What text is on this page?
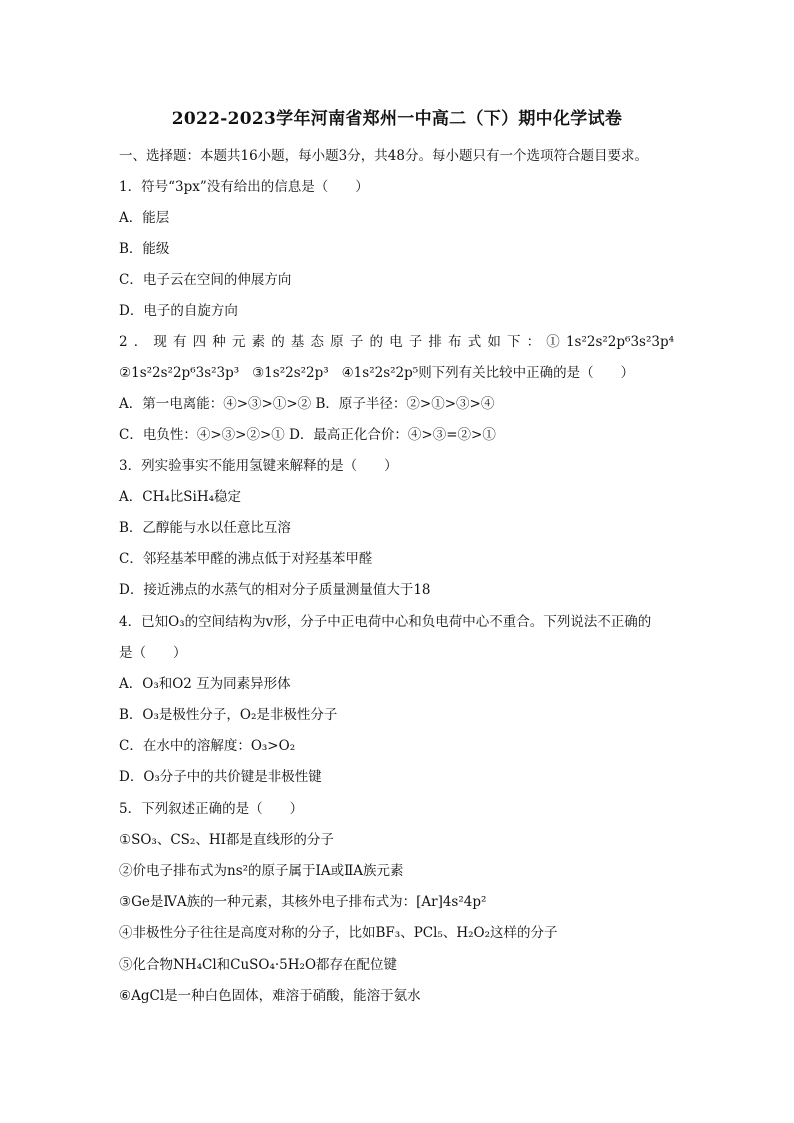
2022-2023学年河南省郑州一中高二（下）期中化学试卷
一、选择题：本题共16小题，每小题3分，共48分。每小题只有一个选项符合题目要求。
1．符号“3px”没有给出的信息是（　　）
A．能层
B．能级
C．电子云在空间的伸展方向
D．电子的自旋方向
2．现有四种元素的基态原子的电子排布式如下：①1s²2s²2p⁶3s²3p⁴
②1s²2s²2p⁶3s²3p³ ③1s²2s²2p³ ④1s²2s²2p⁵则下列有关比较中正确的是（　　）
A．第一电离能：④>③>①>② B．原子半径：②>①>③>④
C．电负性：④>③>②>① D．最高正化合价：④>③=②>①
3．列实验事实不能用氢键来解释的是（　　）
A．CH₄比SiH₄稳定
B．乙醇能与水以任意比互溶
C．邻羟基苯甲醛的沸点低于对羟基苯甲醛
D．接近沸点的水蒸气的相对分子质量测量值大于18
4．已知O₃的空间结构为v形，分子中正电荷中心和负电荷中心不重合。下列说法不正确的
是（　　）
A．O₃和O2 互为同素异形体
B．O₃是极性分子，O₂是非极性分子
C．在水中的溶解度：O₃>O₂
D．O₃分子中的共价键是非极性键
5．下列叙述正确的是（　　）
①SO₃、CS₂、HI都是直线形的分子
②价电子排布式为ns²的原子属于ⅠA或ⅡA族元素
③Ge是ⅣA族的一种元素，其核外电子排布式为：[Ar]4s²4p²
④非极性分子往往是高度对称的分子，比如BF₃、PCl₅、H₂O₂这样的分子
⑤化合物NH₄Cl和CuSO₄·5H₂O都存在配位键
⑥AgCl是一种白色固体，难溶于硝酸，能溶于氨水
